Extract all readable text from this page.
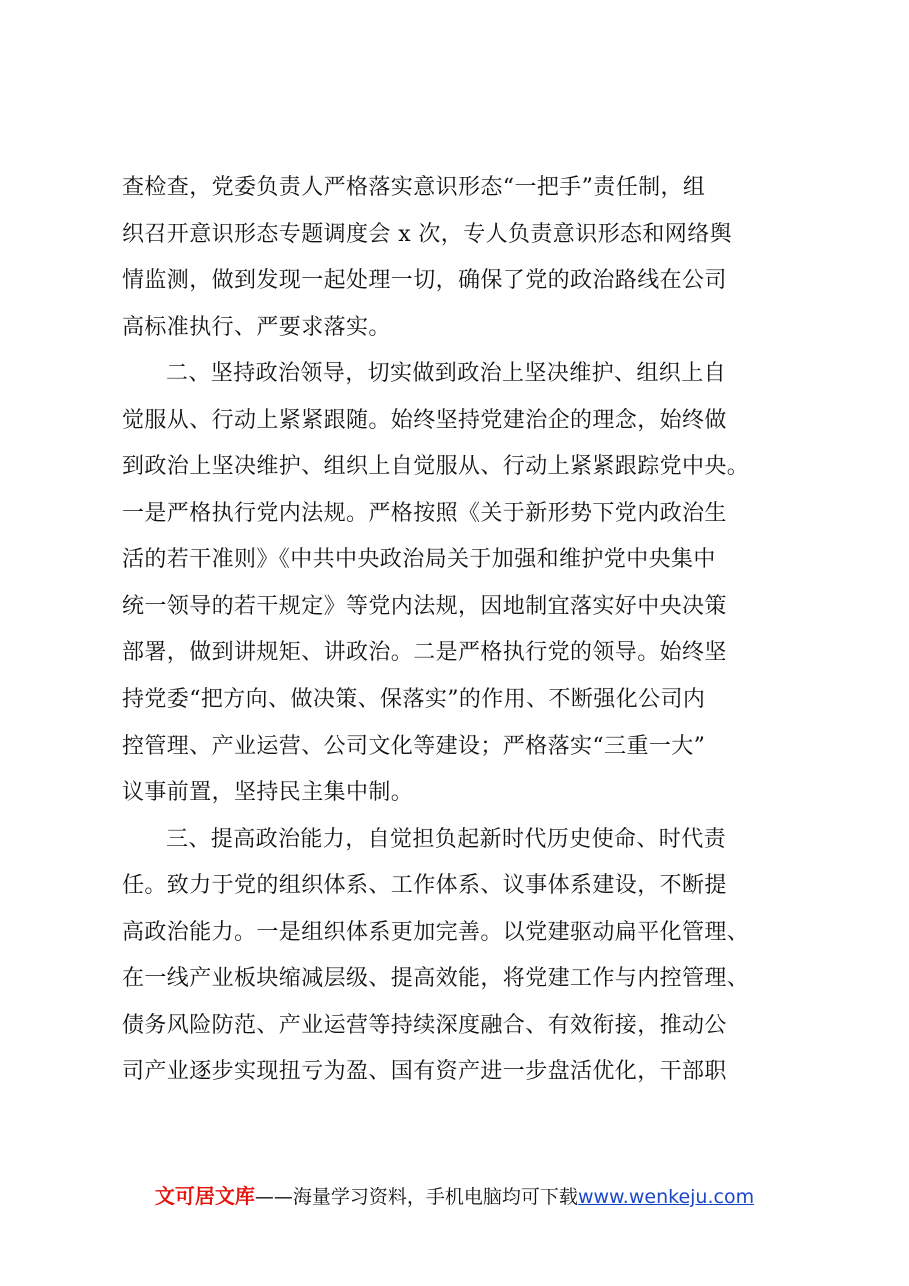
查检查，党委负责人严格落实意识形态“一把手”责任制，组
织召开意识形态专题调度会 x 次，专人负责意识形态和网络舆
情监测，做到发现一起处理一切，确保了党的政治路线在公司
高标准执行、严要求落实。
二、坚持政治领导，切实做到政治上坚决维护、组织上自
觉服从、行动上紧紧跟随。始终坚持党建治企的理念，始终做
到政治上坚决维护、组织上自觉服从、行动上紧紧跟踪党中央。
一是严格执行党内法规。严格按照《关于新形势下党内政治生
活的若干准则》《中共中央政治局关于加强和维护党中央集中
统一领导的若干规定》等党内法规，因地制宜落实好中央决策
部署，做到讲规矩、讲政治。二是严格执行党的领导。始终坚
持党委“把方向、做决策、保落实”的作用、不断强化公司内
控管理、产业运营、公司文化等建设；严格落实“三重一大”
议事前置，坚持民主集中制。
三、提高政治能力，自觉担负起新时代历史使命、时代责
任。致力于党的组织体系、工作体系、议事体系建设，不断提
高政治能力。一是组织体系更加完善。以党建驱动扁平化管理、
在一线产业板块缩减层级、提高效能，将党建工作与内控管理、
债务风险防范、产业运营等持续深度融合、有效衔接，推动公
司产业逐步实现扭亏为盈、国有资产进一步盘活优化，干部职
文可居文库——海量学习资料，手机电脑均可下载www.wenkeju.com
